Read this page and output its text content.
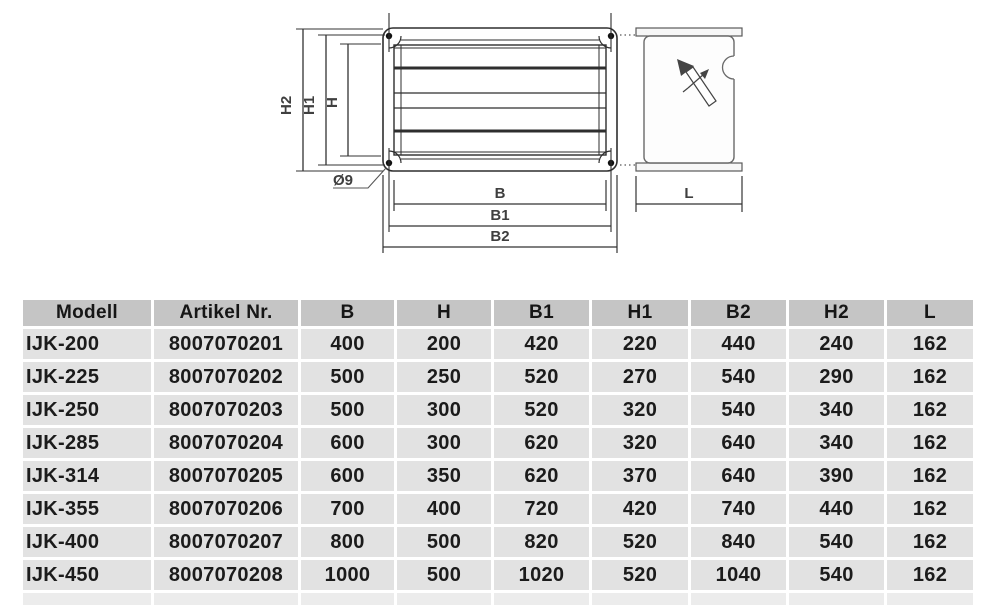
H2 H1 H
B
B1
B2
Ø9
L
Modell	Artikel Nr.	B	H	B1	H1	B2	H2	L
IJK-200	8007070201	400	200	420	220	440	240	162
IJK-225	8007070202	500	250	520	270	540	290	162
IJK-250	8007070203	500	300	520	320	540	340	162
IJK-285	8007070204	600	300	620	320	640	340	162
IJK-314	8007070205	600	350	620	370	640	390	162
IJK-355	8007070206	700	400	720	420	740	440	162
IJK-400	8007070207	800	500	820	520	840	540	162
IJK-450	8007070208	1000	500	1020	520	1040	540	162
